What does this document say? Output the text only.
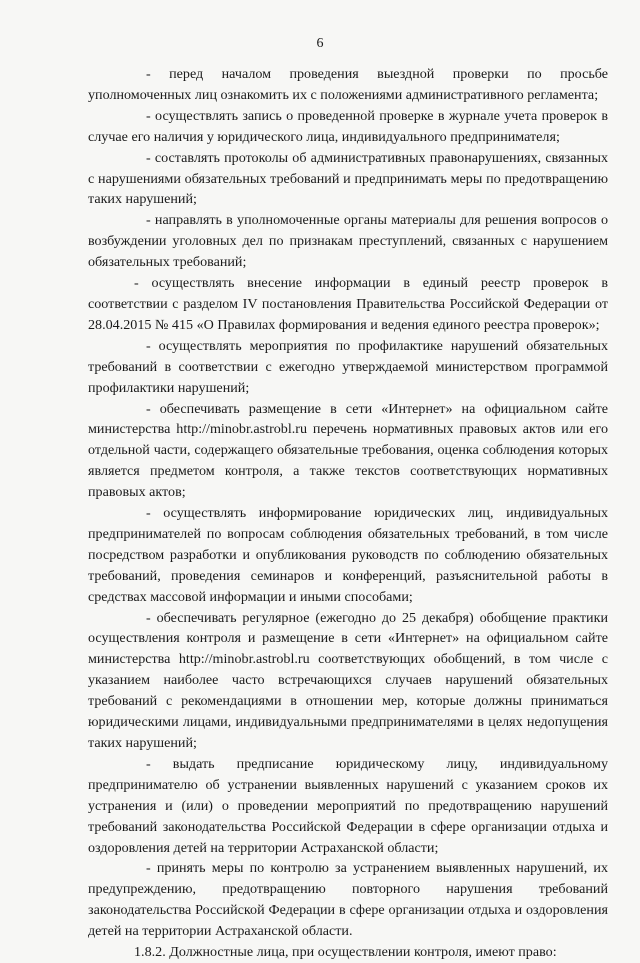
6

- перед началом проведения выездной проверки по просьбе уполномоченных лиц ознакомить их с положениями административного регламента;

- осуществлять запись о проведенной проверке в журнале учета проверок в случае его наличия у юридического лица, индивидуального предпринимателя;

- составлять протоколы об административных правонарушениях, связанных с нарушениями обязательных требований и предпринимать меры по предотвращению таких нарушений;

- направлять в уполномоченные органы материалы для решения вопросов о возбуждении уголовных дел по признакам преступлений, связанных с нарушением обязательных требований;

- осуществлять внесение информации в единый реестр проверок в соответствии с разделом IV постановления Правительства Российской Федерации от 28.04.2015 № 415 «О Правилах формирования и ведения единого реестра проверок»;

- осуществлять мероприятия по профилактике нарушений обязательных требований в соответствии с ежегодно утверждаемой министерством программой профилактики нарушений;

- обеспечивать размещение в сети «Интернет» на официальном сайте министерства http://minobr.astrobl.ru перечень нормативных правовых актов или его отдельной части, содержащего обязательные требования, оценка соблюдения которых является предметом контроля, а также текстов соответствующих нормативных правовых актов;

- осуществлять информирование юридических лиц, индивидуальных предпринимателей по вопросам соблюдения обязательных требований, в том числе посредством разработки и опубликования руководств по соблюдению обязательных требований, проведения семинаров и конференций, разъяснительной работы в средствах массовой информации и иными способами;

- обеспечивать регулярное (ежегодно до 25 декабря) обобщение практики осуществления контроля и размещение в сети «Интернет» на официальном сайте министерства http://minobr.astrobl.ru соответствующих обобщений, в том числе с указанием наиболее часто встречающихся случаев нарушений обязательных требований с рекомендациями в отношении мер, которые должны приниматься юридическими лицами, индивидуальными предпринимателями в целях недопущения таких нарушений;

- выдать предписание юридическому лицу, индивидуальному предпринимателю об устранении выявленных нарушений с указанием сроков их устранения и (или) о проведении мероприятий по предотвращению нарушений требований законодательства Российской Федерации в сфере организации отдыха и оздоровления детей на территории Астраханской области;

- принять меры по контролю за устранением выявленных нарушений, их предупреждению, предотвращению повторного нарушения требований законодательства Российской Федерации в сфере организации отдыха и оздоровления детей на территории Астраханской области.

1.8.2. Должностные лица, при осуществлении контроля, имеют право:
